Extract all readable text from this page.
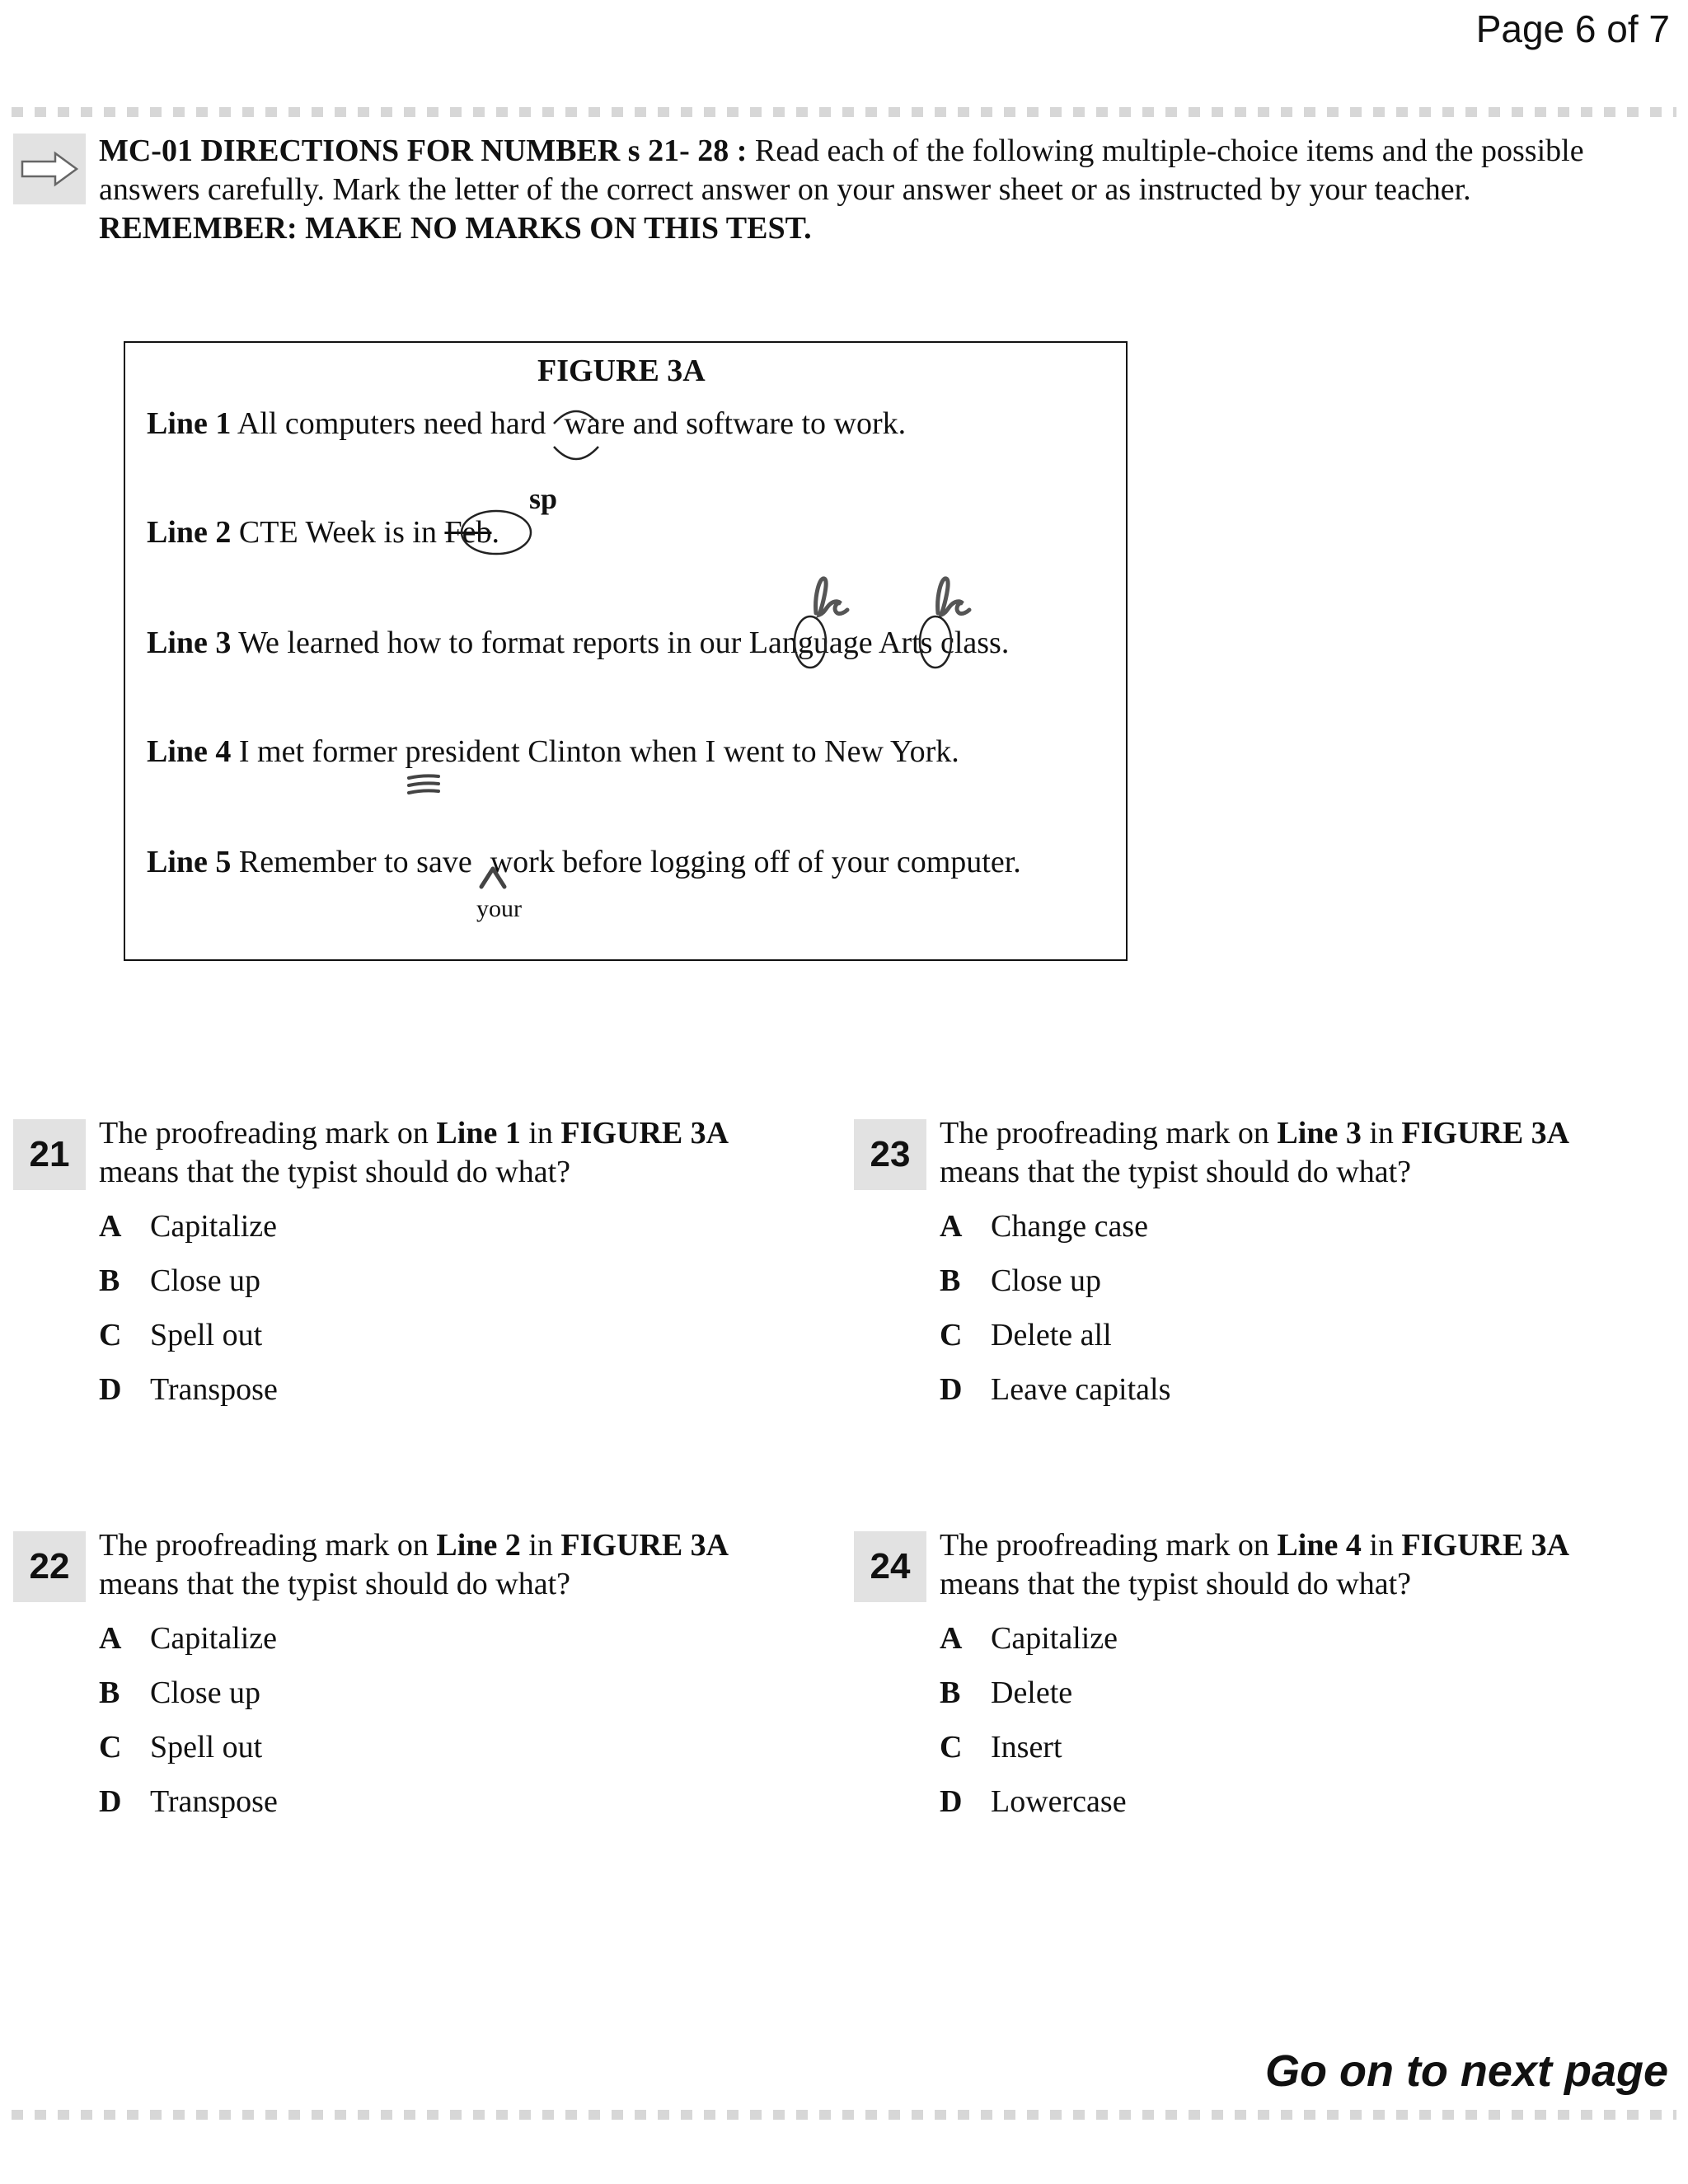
Page 6 of 7
MC-01 DIRECTIONS FOR NUMBER s 21- 28 : Read each of the following multiple-choice items and the possible answers carefully. Mark the letter of the correct answer on your answer sheet or as instructed by your teacher. REMEMBER: MAKE NO MARKS ON THIS TEST.
FIGURE 3A
Line 1 All computers need hard ware and software to work.
sp
Line 2 CTE Week is in Feb.
Line 3 We learned how to format reports in our Language Arts class.
Line 4 I met former president Clinton when I went to New York.
Line 5 Remember to save work before logging off of your computer.
your
21
The proofreading mark on Line 1 in FIGURE 3A
means that the typist should do what?
A Capitalize
B Close up
C Spell out
D Transpose
22
The proofreading mark on Line 2 in FIGURE 3A
means that the typist should do what?
A Capitalize
B Close up
C Spell out
D Transpose
23
The proofreading mark on Line 3 in FIGURE 3A
means that the typist should do what?
A Change case
B Close up
C Delete all
D Leave capitals
24
The proofreading mark on Line 4 in FIGURE 3A
means that the typist should do what?
A Capitalize
B Delete
C Insert
D Lowercase
Go on to next page
